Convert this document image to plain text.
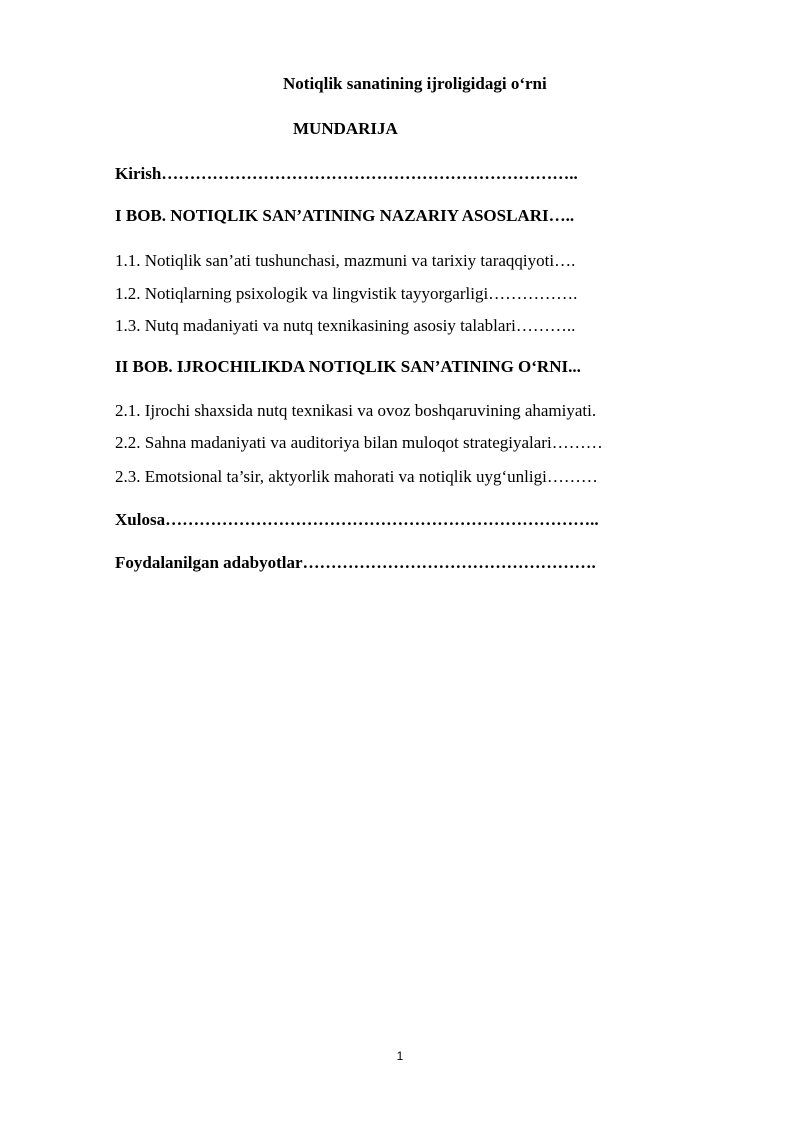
Notiqlik sanatining ijroligidagi o‘rni

MUNDARIJA

Kirish………………………………………………………………..

I BOB. NOTIQLIK SAN’ATINING NAZARIY ASOSLARI…..

1.1. Notiqlik san’ati tushunchasi, mazmuni va tarixiy taraqqiyoti….

1.2. Notiqlarning psixologik va lingvistik tayyorgarligi…………….

1.3. Nutq madaniyati va nutq texnikasining asosiy talablari………..

II BOB. IJROCHILIKDA NOTIQLIK SAN’ATINING O‘RNI...

2.1. Ijrochi shaxsida nutq texnikasi va ovoz boshqaruvining ahamiyati.

2.2. Sahna madaniyati va auditoriya bilan muloqot strategiyalari………

2.3. Emotsional ta’sir, aktyorlik mahorati va notiqlik uyg‘unligi………

Xulosa…………………………………………………………………..

Foydalanilgan adabyotlar…………………………………………….

1
